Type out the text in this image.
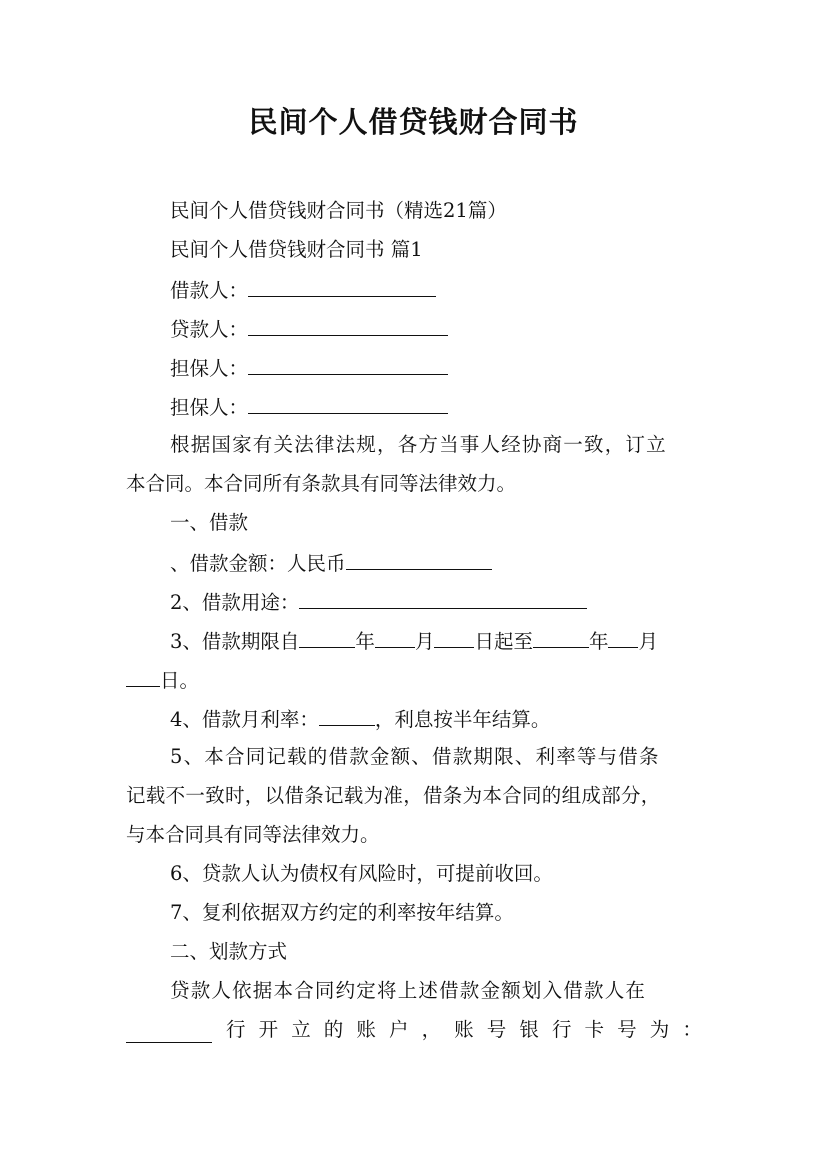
民间个人借贷钱财合同书
民间个人借贷钱财合同书（精选21篇）
民间个人借贷钱财合同书 篇1
借款人：
贷款人：
担保人：
担保人：
根据国家有关法律法规，各方当事人经协商一致，订立
本合同。本合同所有条款具有同等法律效力。
一、借款
、借款金额：人民币
2、借款用途：
3、借款期限自	年 月 日起至	年 月
日。
4、借款月利率：	，利息按半年结算。
5、本合同记载的借款金额、借款期限、利率等与借条
记载不一致时，以借条记载为准，借条为本合同的组成部分，
与本合同具有同等法律效力。
6、贷款人认为债权有风险时，可提前收回。
7、复利依据双方约定的利率按年结算。
二、划款方式
贷款人依据本合同约定将上述借款金额划入借款人在
行 开 立 的 账 户 ， 账 号 银 行 卡 号 为 ：
